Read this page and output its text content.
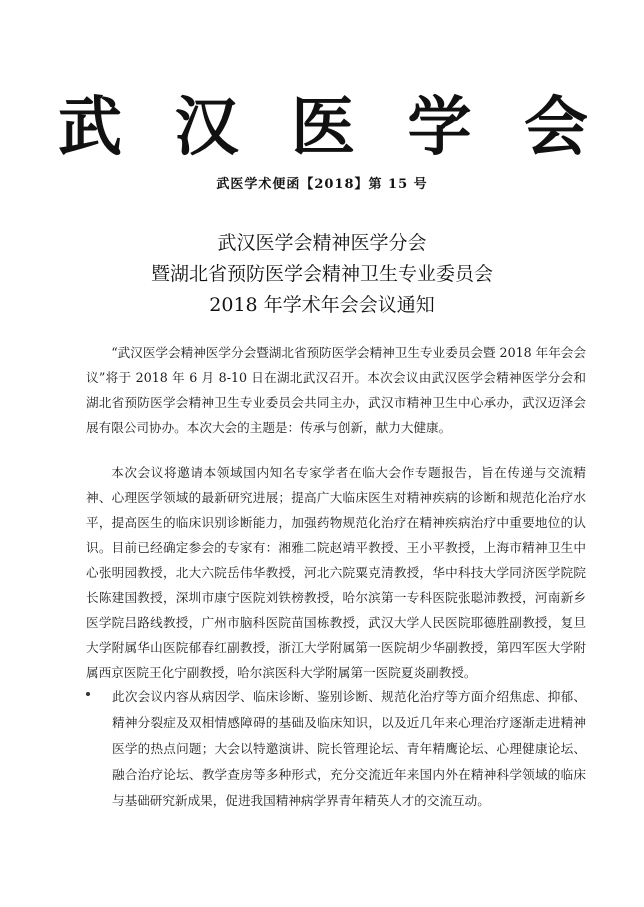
武 汉 医 学 会
武医学术便函【2018】第 15 号
武汉医学会精神医学分会
暨湖北省预防医学会精神卫生专业委员会
2018 年学术年会会议通知

“武汉医学会精神医学分会暨湖北省预防医学会精神卫生专业委员会暨 2018 年年会会议”将于 2018 年 6 月 8-10 日在湖北武汉召开。本次会议由武汉医学会精神医学分会和湖北省预防医学会精神卫生专业委员会共同主办，武汉市精神卫生中心承办，武汉迈泽会展有限公司协办。本次大会的主题是：传承与创新，献力大健康。

本次会议将邀请本领域国内知名专家学者在临大会作专题报告，旨在传递与交流精神、心理医学领域的最新研究进展；提高广大临床医生对精神疾病的诊断和规范化治疗水平，提高医生的临床识别诊断能力，加强药物规范化治疗在精神疾病治疗中重要地位的认识。目前已经确定参会的专家有：湘雅二院赵靖平教授、王小平教授，上海市精神卫生中心张明园教授，北大六院岳伟华教授，河北六院粟克清教授，华中科技大学同济医学院院长陈建国教授，深圳市康宁医院刘铁榜教授，哈尔滨第一专科医院张聪沛教授，河南新乡医学院吕路线教授，广州市脑科医院苗国栋教授，武汉大学人民医院耶德胜副教授，复旦大学附属华山医院郁春红副教授，浙江大学附属第一医院胡少华副教授，第四军医大学附属西京医院王化宁副教授，哈尔滨医科大学附属第一医院夏炎副教授。

此次会议内容从病因学、临床诊断、鉴别诊断、规范化治疗等方面介绍焦虑、抑郁、精神分裂症及双相情感障碍的基础及临床知识，以及近几年来心理治疗逐渐走进精神医学的热点问题；大会以特邀演讲、院长管理论坛、青年精鹰论坛、心理健康论坛、融合治疗论坛、教学查房等多种形式，充分交流近年来国内外在精神科学领域的临床与基础研究新成果，促进我国精神病学界青年精英人才的交流互动。
